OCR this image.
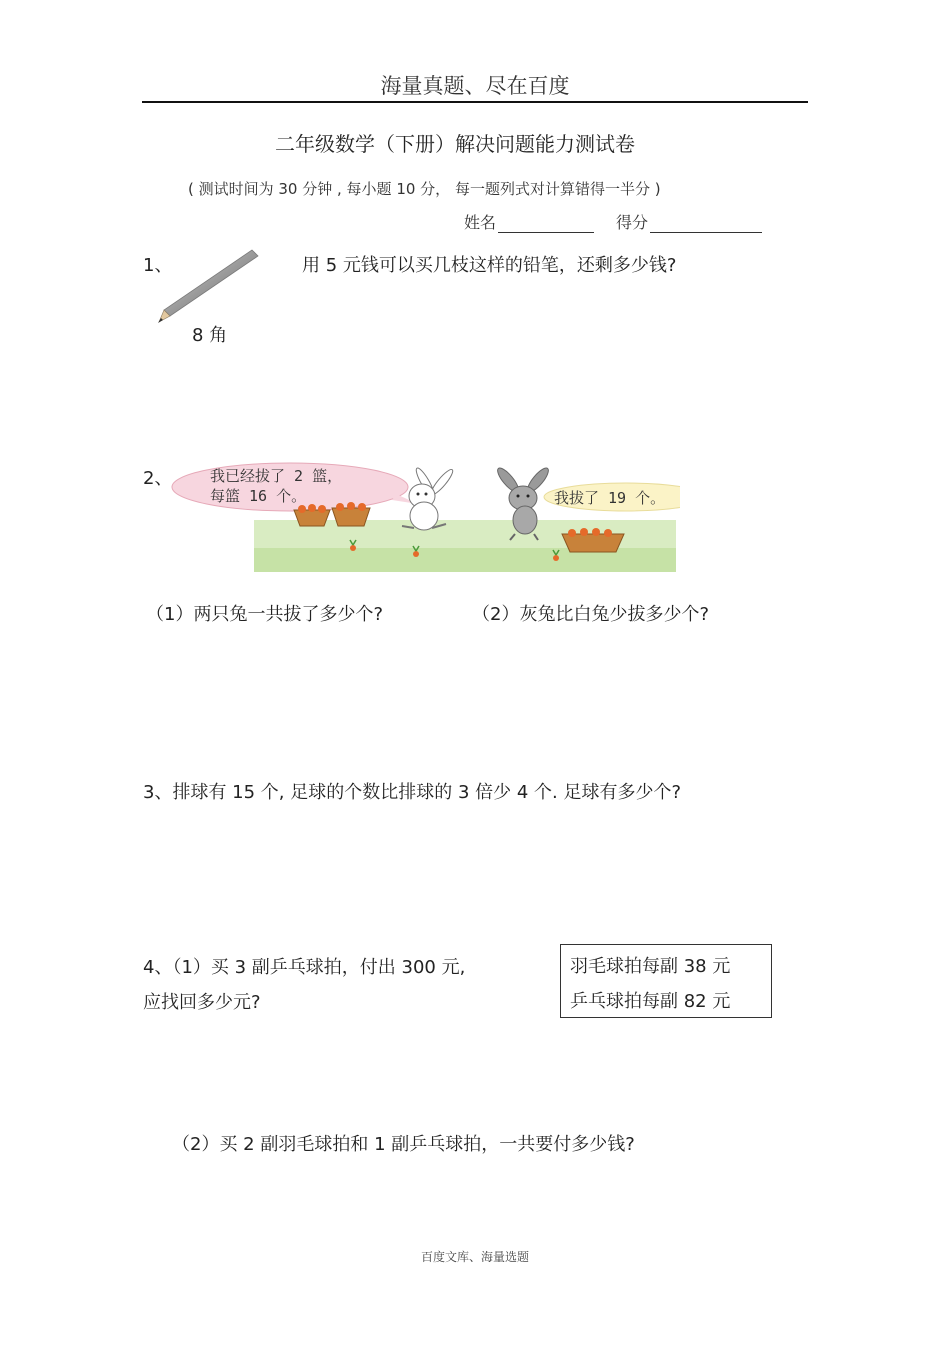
海量真题、尽在百度
二年级数学（下册）解决问题能力测试卷
( 测试时间为 30 分钟 , 每小题 10 分， 每一题列式对计算错得一半分 )
姓名	得分
1、
8 角
用 5 元钱可以买几枝这样的铅笔，还剩多少钱?
2、	我已经拔了 2 篮，
每篮 16 个。	我拔了 19 个。
（1）两只兔一共拔了多少个?	（2）灰兔比白兔少拔多少个?
3、排球有 15 个, 足球的个数比排球的 3 倍少 4 个. 足球有多少个?
4、（1）买 3 副乒乓球拍，付出 300 元,
应找回多少元?
羽毛球拍每副 38 元
乒乓球拍每副 82 元
（2）买 2 副羽毛球拍和 1 副乒乓球拍，一共要付多少钱?
百度文库、海量选题
